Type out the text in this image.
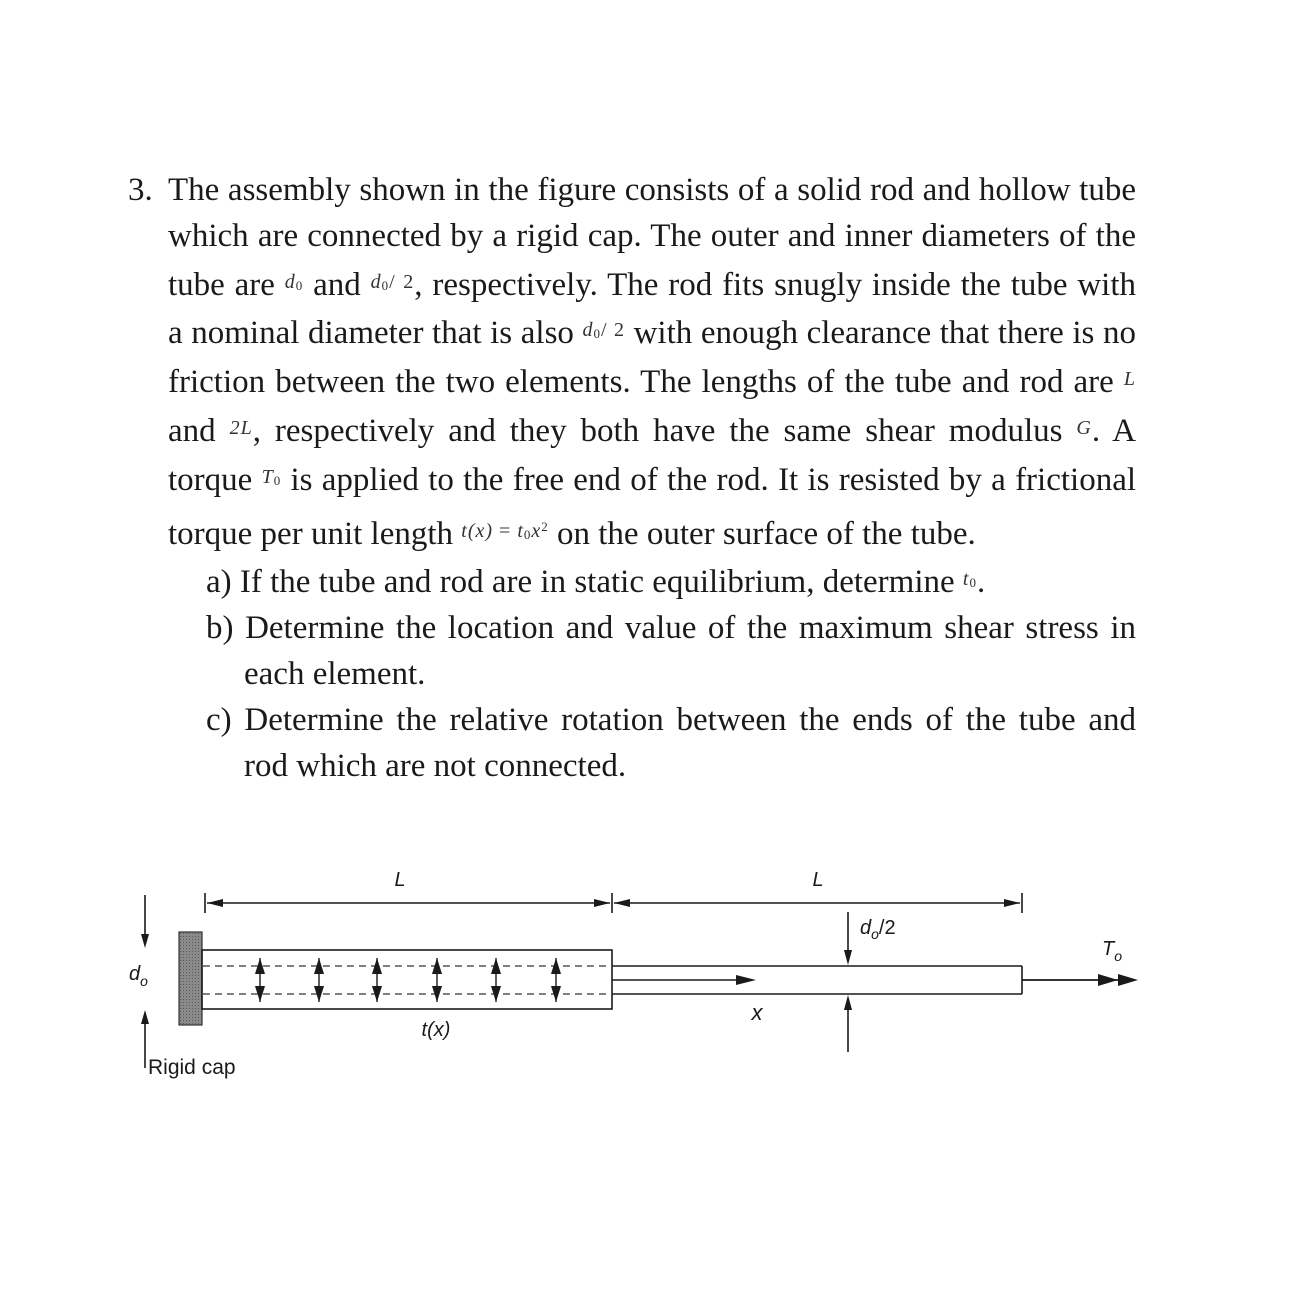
3. The assembly shown in the figure consists of a solid rod and hollow tube which are connected by a rigid cap. The outer and inner diameters of the tube are $^{d_0}$ and $^{d_0/ 2}$, respectively. The rod fits snugly inside the tube with a nominal diameter that is also $^{d_0/ 2}$ with enough clearance that there is no friction between the two elements. The lengths of the tube and rod are $^L$ and $^{2L}$, respectively and they both have the same shear modulus $^G$. A torque $^{T_0}$ is applied to the free end of the rod. It is resisted by a frictional torque per unit length $^{t(x) = t_0x^2}$ on the outer surface of the tube.

a) If the tube and rod are in static equilibrium, determine $^{t_0}$.

b) Determine the location and value of the maximum shear stress in each element.

c) Determine the relative rotation between the ends of the tube and rod which are not connected.

L	L
t(x)
x
$d_o/2$
$T_o$
$d_o$
Rigid cap
